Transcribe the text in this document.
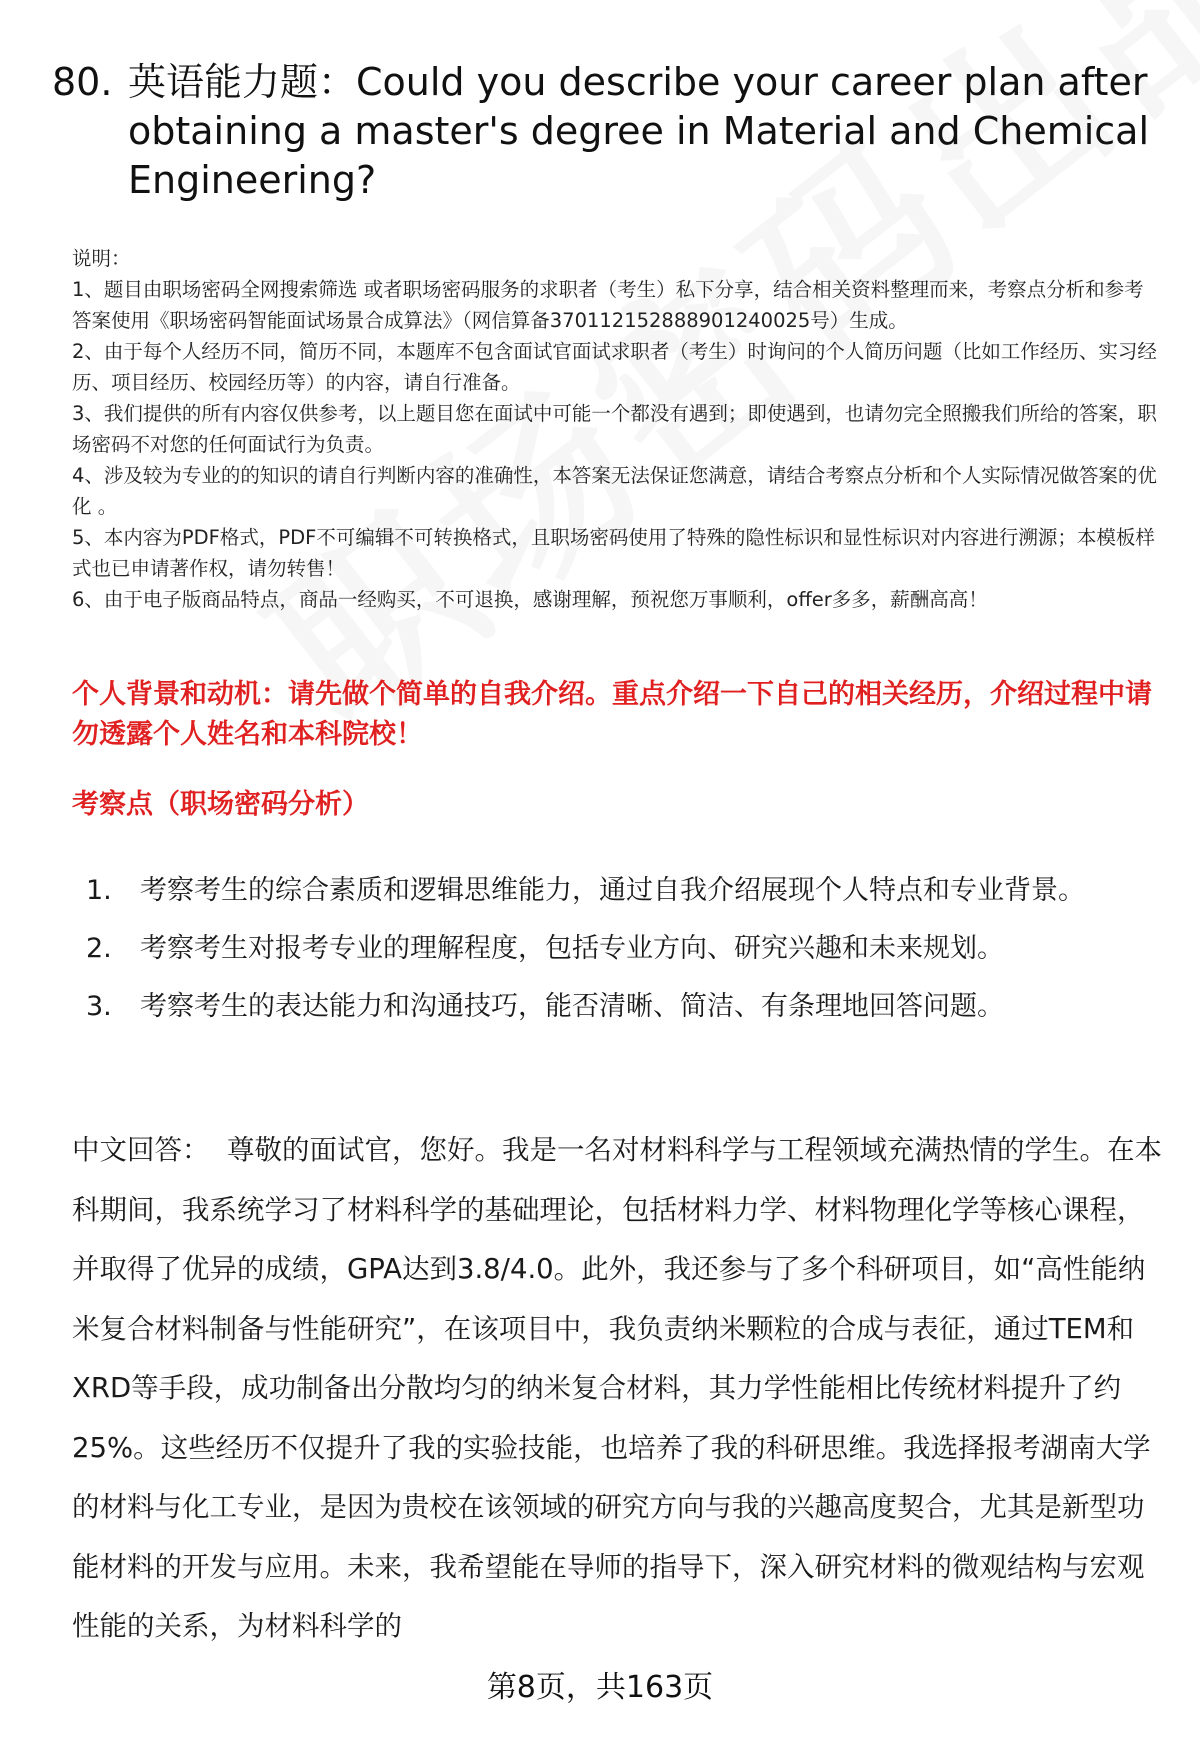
80. 英语能力题：Could you describe your career plan after obtaining a master's degree in Material and Chemical Engineering?

说明：

1、题目由职场密码全网搜索筛选 或者职场密码服务的求职者（考生）私下分享，结合相关资料整理而来，考察点分析和参考答案使用《职场密码智能面试场景合成算法》（网信算备370112152888901240025号）生成。

2、由于每个人经历不同，简历不同，本题库不包含面试官面试求职者（考生）时询问的个人简历问题（比如工作经历、实习经历、项目经历、校园经历等）的内容，请自行准备。

3、我们提供的所有内容仅供参考，以上题目您在面试中可能一个都没有遇到；即使遇到，也请勿完全照搬我们所给的答案，职场密码不对您的任何面试行为负责。

4、涉及较为专业的的知识的请自行判断内容的准确性，本答案无法保证您满意，请结合考察点分析和个人实际情况做答案的优化 。

5、本内容为PDF格式，PDF不可编辑不可转换格式，且职场密码使用了特殊的隐性标识和显性标识对内容进行溯源；本模板样式也已申请著作权，请勿转售！

6、由于电子版商品特点，商品一经购买，不可退换，感谢理解，预祝您万事顺利，offer多多，薪酬高高！

个人背景和动机：请先做个简单的自我介绍。重点介绍一下自己的相关经历，介绍过程中请勿透露个人姓名和本科院校！
考察点（职场密码分析）
1.	考察考生的综合素质和逻辑思维能力，通过自我介绍展现个人特点和专业背景。
2.	考察考生对报考专业的理解程度，包括专业方向、研究兴趣和未来规划。
3.	考察考生的表达能力和沟通技巧，能否清晰、简洁、有条理地回答问题。
中文回答： 尊敬的面试官，您好。我是一名对材料科学与工程领域充满热情的学生。在本科期间，我系统学习了材料科学的基础理论，包括材料力学、材料物理化学等核心课程，并取得了优异的成绩，GPA达到3.8/4.0。此外，我还参与了多个科研项目，如“高性能纳米复合材料制备与性能研究”，在该项目中，我负责纳米颗粒的合成与表征，通过TEM和XRD等手段，成功制备出分散均匀的纳米复合材料，其力学性能相比传统材料提升了约25%。这些经历不仅提升了我的实验技能，也培养了我的科研思维。我选择报考湖南大学的材料与化工专业，是因为贵校在该领域的研究方向与我的兴趣高度契合，尤其是新型功能材料的开发与应用。未来，我希望能在导师的指导下，深入研究材料的微观结构与宏观性能的关系，为材料科学的
第8页，共163页
